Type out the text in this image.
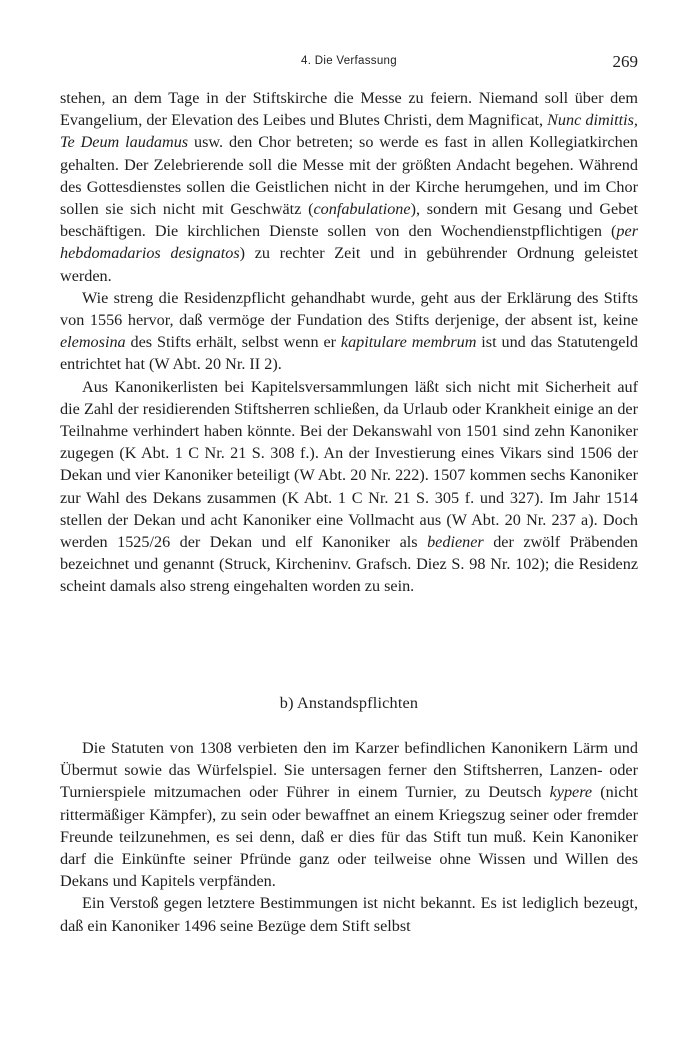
4. Die Verfassung	269

stehen, an dem Tage in der Stiftskirche die Messe zu feiern. Niemand soll über dem Evangelium, der Elevation des Leibes und Blutes Christi, dem Magnificat, Nunc dimittis, Te Deum laudamus usw. den Chor betreten; so werde es fast in allen Kollegiatkirchen gehalten. Der Zelebrierende soll die Messe mit der größten Andacht begehen. Während des Gottesdienstes sollen die Geistlichen nicht in der Kirche herumgehen, und im Chor sollen sie sich nicht mit Geschwätz (confabulatione), sondern mit Gesang und Gebet beschäftigen. Die kirchlichen Dienste sollen von den Wochendienstpflichtigen (per hebdomadarios designatos) zu rechter Zeit und in gebührender Ordnung geleistet werden.

Wie streng die Residenzpflicht gehandhabt wurde, geht aus der Erklärung des Stifts von 1556 hervor, daß vermöge der Fundation des Stifts derjenige, der absent ist, keine elemosina des Stifts erhält, selbst wenn er kapitulare membrum ist und das Statutengeld entrichtet hat (W Abt. 20 Nr. II 2).

Aus Kanonikerlisten bei Kapitelsversammlungen läßt sich nicht mit Sicherheit auf die Zahl der residierenden Stiftsherren schließen, da Urlaub oder Krankheit einige an der Teilnahme verhindert haben könnte. Bei der Dekanswahl von 1501 sind zehn Kanoniker zugegen (K Abt. 1 C Nr. 21 S. 308 f.). An der Investierung eines Vikars sind 1506 der Dekan und vier Kanoniker beteiligt (W Abt. 20 Nr. 222). 1507 kommen sechs Kanoniker zur Wahl des Dekans zusammen (K Abt. 1 C Nr. 21 S. 305 f. und 327). Im Jahr 1514 stellen der Dekan und acht Kanoniker eine Vollmacht aus (W Abt. 20 Nr. 237 a). Doch werden 1525/26 der Dekan und elf Kanoniker als bediener der zwölf Präbenden bezeichnet und genannt (Struck, Kircheninv. Grafsch. Diez S. 98 Nr. 102); die Residenz scheint damals also streng eingehalten worden zu sein.

b) Anstandspflichten

Die Statuten von 1308 verbieten den im Karzer befindlichen Kanonikern Lärm und Übermut sowie das Würfelspiel. Sie untersagen ferner den Stiftsherren, Lanzen- oder Turnierspiele mitzumachen oder Führer in einem Turnier, zu Deutsch kypere (nicht rittermäßiger Kämpfer), zu sein oder bewaffnet an einem Kriegszug seiner oder fremder Freunde teilzunehmen, es sei denn, daß er dies für das Stift tun muß. Kein Kanoniker darf die Einkünfte seiner Pfründe ganz oder teilweise ohne Wissen und Willen des Dekans und Kapitels verpfänden.

Ein Verstoß gegen letztere Bestimmungen ist nicht bekannt. Es ist lediglich bezeugt, daß ein Kanoniker 1496 seine Bezüge dem Stift selbst
